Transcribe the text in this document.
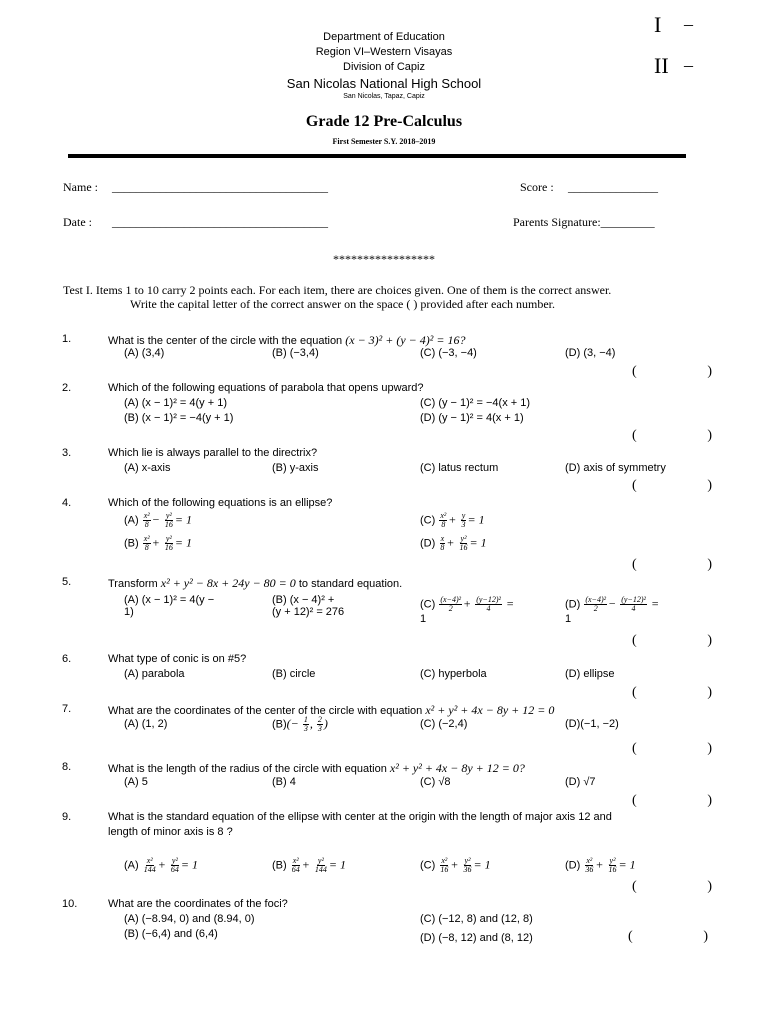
Department of Education
Region VI–Western Visayas
Division of Capiz
San Nicolas National High School
San Nicolas, Tapaz, Capiz
I –
II –
Grade 12 Pre-Calculus
First Semester S.Y. 2018–2019
Name : ____________________________________	Score : _______________
Date : ____________________________________	Parents Signature:_________
*****************
Test I. Items 1 to 10 carry 2 points each. For each item, there are choices given. One of them is the correct answer.
Write the capital letter of the correct answer on the space ( ) provided after each number.
1.	What is the center of the circle with the equation (x − 3)² + (y − 4)² = 16?
(A) (3,4)	(B) (−3,4)	(C) (−3, −4)	(D) (3, −4)
(	)
2.	Which of the following equations of parabola that opens upward?
(A) (x − 1)² = 4(y + 1)
(B) (x − 1)² = −4(y + 1)
(C) (y − 1)² = −4(x + 1)
(D) (y − 1)² = 4(x + 1)
(	)
3.	Which lie is always parallel to the directrix?
(A) x-axis	(B) y-axis	(C) latus rectum	(D) axis of symmetry
(	)
4.	Which of the following equations is an ellipse?
$(A) \frac{\text{x²}}{8} - \frac{\text{y²}}{16} = 1$
$(B) \frac{\text{x²}}{8} + \frac{\text{y²}}{16} = 1$
$(C) \frac{\text{x²}}{8} + \frac{y}{3} = 1$
$(D) \frac{x}{8} + \frac{\text{y²}}{16} = 1$
(	)
5.	Transform x² + y² − 8x + 24y − 80 = 0 to standard equation.
(A) (x − 1)² = 4(y −
1)
(B) (x − 4)² +
(y + 12)² = 276
$(C) \frac{\text{(x−4)²}}{2} + \frac{\text{(y−12)²}}{4}$ =
1
$(D) \frac{\text{(x−4)²}}{2} - \frac{\text{(y−12)²}}{4}$ =
1
(	)
6.	What type of conic is on #5?
(A) parabola	(B) circle	(C) hyperbola	(D) ellipse
(	)
7.	What are the coordinates of the center of the circle with equation x² + y² + 4x − 8y + 12 = 0
(A) (1, 2)	$(B)(- \frac{1}{3}$ , $\frac{2}{3}$ )	(C) (−2,4)	(D)(−1, −2)
(	)
8.	What is the length of the radius of the circle with equation x² + y² + 4x − 8y + 12 = 0?
(A) 5	(B) 4	(C) √8	(D) √7
(	)
9.	What is the standard equation of the ellipse with center at the origin with the length of major axis 12 and
length of minor axis is 8 ?
$(A) \frac{\text{x²}}{144} + \frac{\text{y²}}{64} = 1$	$(B) \frac{\text{x²}}{64} + \frac{\text{y²}}{144} = 1$	$(C) \frac{\text{x²}}{16} + \frac{\text{y²}}{36} = 1$	$(D) \frac{\text{x²}}{36} + \frac{\text{y²}}{16} = 1$
(	)
10.	What are the coordinates of the foci?
(A) (−8.94, 0) and (8.94, 0)
(B) (−6,4) and (6,4)
(C) (−12, 8) and (12, 8)
(D) (−8, 12) and (8, 12)	(	)
